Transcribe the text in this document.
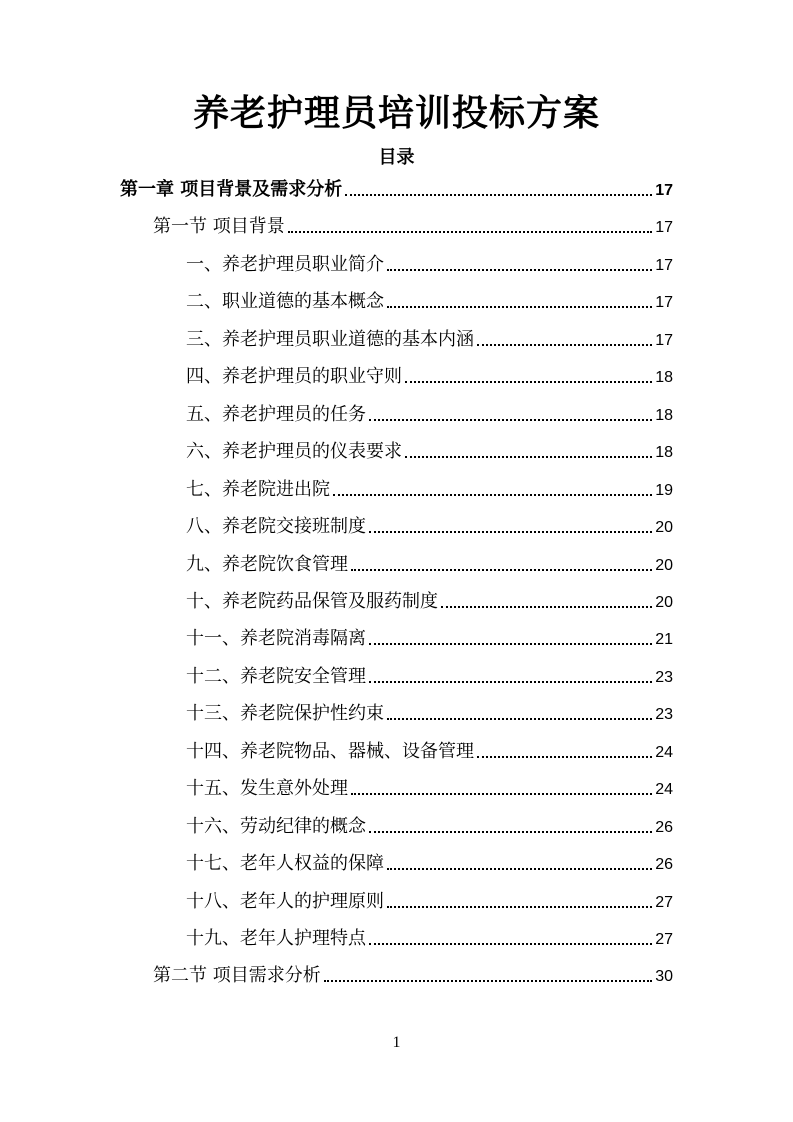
养老护理员培训投标方案
目录
第一章 项目背景及需求分析	17
第一节 项目背景	17
一、养老护理员职业简介	17
二、职业道德的基本概念	17
三、养老护理员职业道德的基本内涵	17
四、养老护理员的职业守则	18
五、养老护理员的任务	18
六、养老护理员的仪表要求	18
七、养老院进出院	19
八、养老院交接班制度	20
九、养老院饮食管理	20
十、养老院药品保管及服药制度	20
十一、养老院消毒隔离	21
十二、养老院安全管理	23
十三、养老院保护性约束	23
十四、养老院物品、器械、设备管理	24
十五、发生意外处理	24
十六、劳动纪律的概念	26
十七、老年人权益的保障	26
十八、老年人的护理原则	27
十九、老年人护理特点	27
第二节 项目需求分析	30
1
